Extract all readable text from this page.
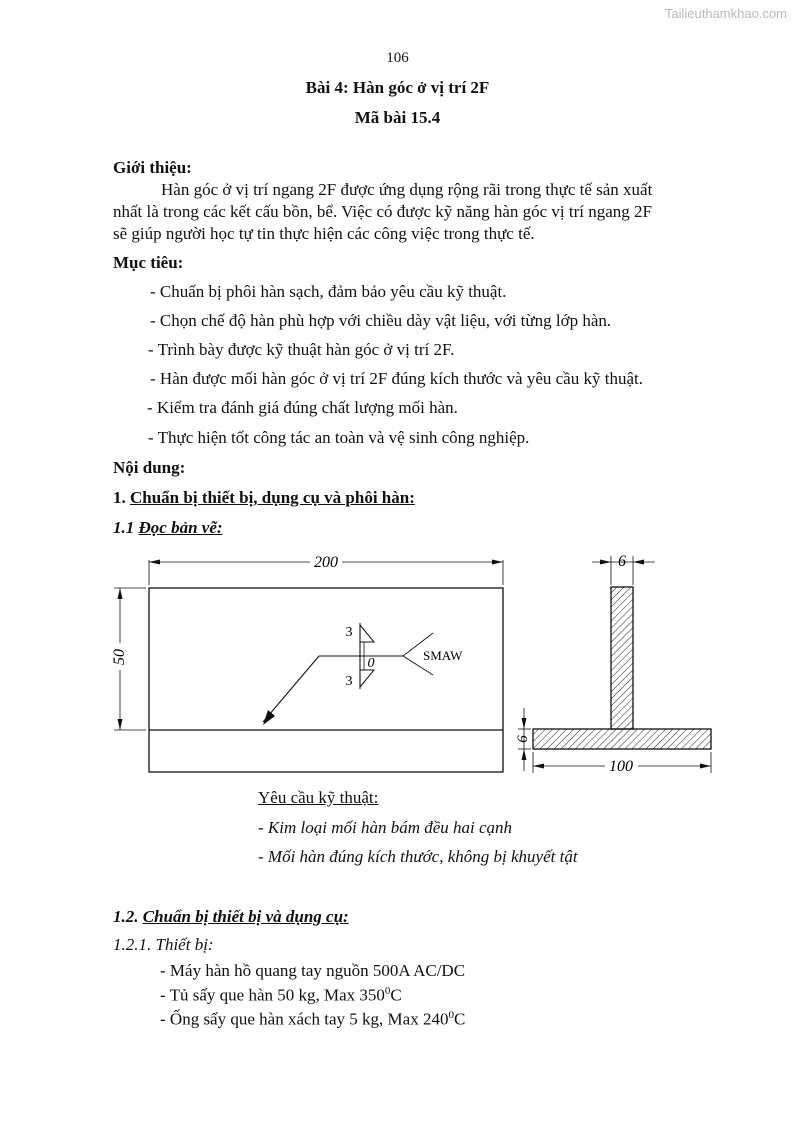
Tailieuthamkhao.com
106
Bài 4: Hàn góc ở vị trí 2F
Mã bài 15.4
Giới thiệu:
Hàn góc ở vị trí ngang 2F được ứng dụng rộng rãi trong thực tế sản xuất
nhất là trong các kết cấu bồn, bể. Việc có được kỹ năng hàn góc vị trí ngang 2F
sẽ giúp người học tự tin thực hiện các công việc trong thực tế.
Mục tiêu:
- Chuẩn bị phôi hàn sạch, đảm bảo yêu cầu kỹ thuật.
- Chọn chế độ hàn phù hợp với chiều dày vật liệu, với từng lớp hàn.
- Trình bày được kỹ thuật hàn góc ở vị trí 2F.
- Hàn được mối hàn góc ở vị trí 2F đúng kích thước và yêu cầu kỹ thuật.
- Kiểm tra đánh giá đúng chất lượng mối hàn.
- Thực hiện tốt công tác an toàn và vệ sinh công nghiệp.
Nội dung:
1. Chuẩn bị thiết bị, dụng cụ và phôi hàn:
1.1 Đọc bản vẽ:
200
50
3
3
0
SMAW
6
6
100
Yêu cầu kỹ thuật:
- Kim loại mối hàn bám đều hai cạnh
- Mối hàn đúng kích thước, không bị khuyết tật
1.2. Chuẩn bị thiết bị và dụng cụ:
1.2.1. Thiết bị:
- Máy hàn hồ quang tay nguồn 500A AC/DC
- Tủ sấy que hàn 50 kg, Max $350^0C$
- Ống sấy que hàn xách tay 5 kg, Max $240^0C$
